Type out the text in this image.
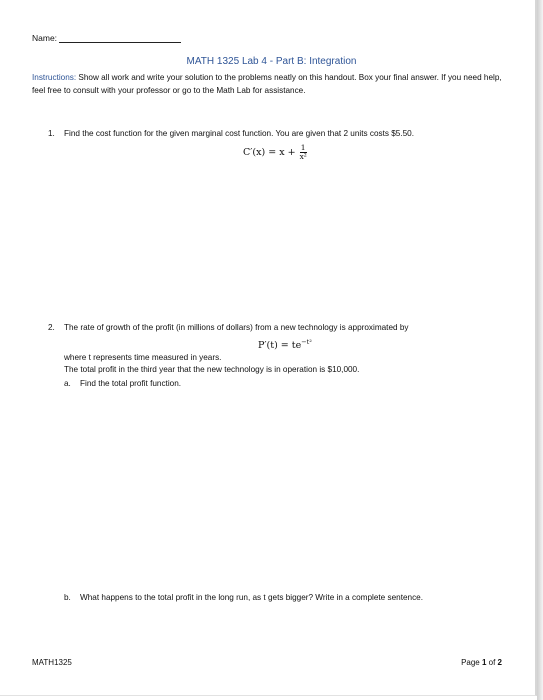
Name:
MATH 1325 Lab 4 - Part B: Integration
Instructions: Show all work and write your solution to the problems neatly on this handout. Box your final answer. If you need help, feel free to consult with your professor or go to the Math Lab for assistance.
1. Find the cost function for the given marginal cost function. You are given that 2 units costs $5.50.
$C'(x) = x + \frac{1}{\text{x²}}$
2. The rate of growth of the profit (in millions of dollars) from a new technology is approximated by
$P'(t) = te^{-t^2}$
where t represents time measured in years.
The total profit in the third year that the new technology is in operation is $10,000.
a. Find the total profit function.
b. What happens to the total profit in the long run, as t gets bigger? Write in a complete sentence.
MATH1325	Page 1 of 2
